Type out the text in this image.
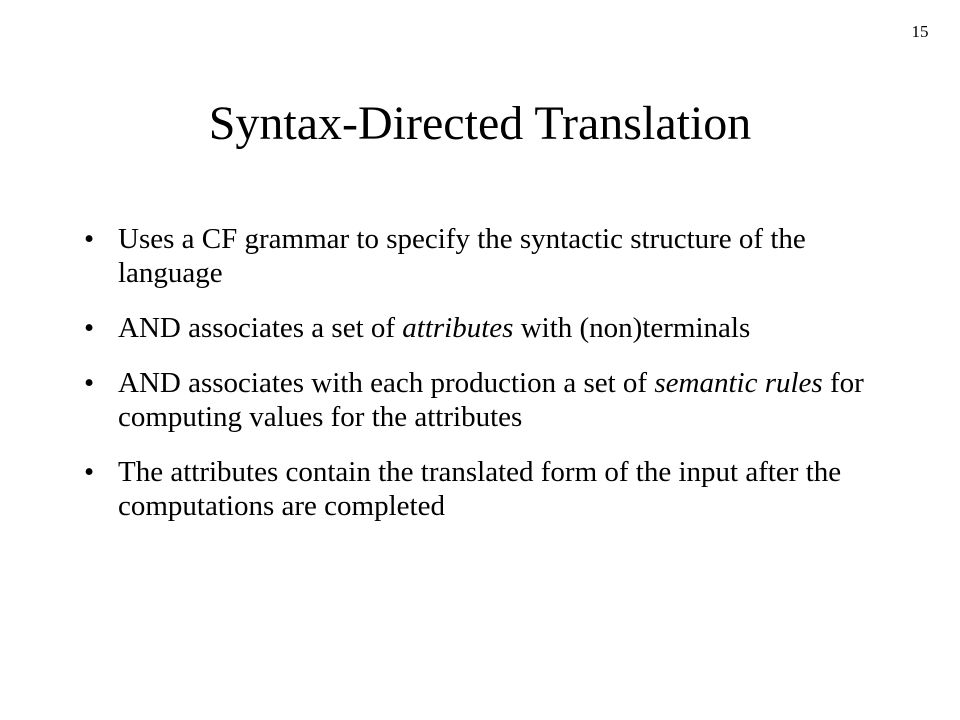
15
Syntax-Directed Translation
• Uses a CF grammar to specify the syntactic structure of the language
• AND associates a set of attributes with (non)terminals
• AND associates with each production a set of semantic rules for computing values for the attributes
• The attributes contain the translated form of the input after the computations are completed
